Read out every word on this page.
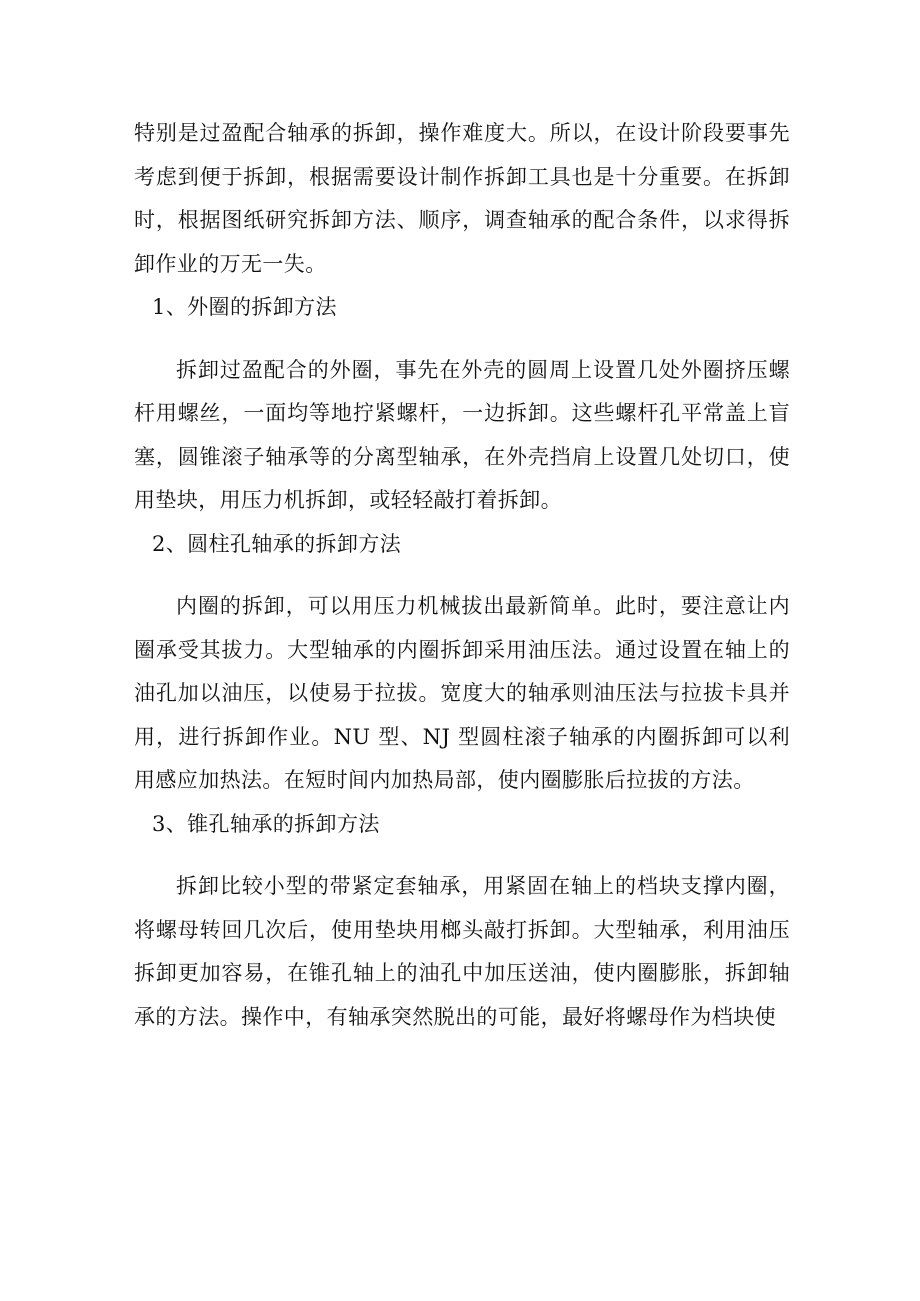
特别是过盈配合轴承的拆卸，操作难度大。所以，在设计阶段要事先考虑到便于拆卸，根据需要设计制作拆卸工具也是十分重要。在拆卸时，根据图纸研究拆卸方法、顺序，调查轴承的配合条件，以求得拆卸作业的万无一失。

1、外圈的拆卸方法

拆卸过盈配合的外圈，事先在外壳的圆周上设置几处外圈挤压螺杆用螺丝，一面均等地拧紧螺杆，一边拆卸。这些螺杆孔平常盖上盲塞，圆锥滚子轴承等的分离型轴承，在外壳挡肩上设置几处切口，使用垫块，用压力机拆卸，或轻轻敲打着拆卸。

2、圆柱孔轴承的拆卸方法

内圈的拆卸，可以用压力机械拔出最新简单。此时，要注意让内圈承受其拔力。大型轴承的内圈拆卸采用油压法。通过设置在轴上的油孔加以油压，以使易于拉拔。宽度大的轴承则油压法与拉拔卡具并用，进行拆卸作业。NU 型、NJ 型圆柱滚子轴承的内圈拆卸可以利用感应加热法。在短时间内加热局部，使内圈膨胀后拉拔的方法。

3、锥孔轴承的拆卸方法

拆卸比较小型的带紧定套轴承，用紧固在轴上的档块支撑内圈，将螺母转回几次后，使用垫块用榔头敲打拆卸。大型轴承，利用油压拆卸更加容易，在锥孔轴上的油孔中加压送油，使内圈膨胀，拆卸轴承的方法。操作中，有轴承突然脱出的可能，最好将螺母作为档块使
